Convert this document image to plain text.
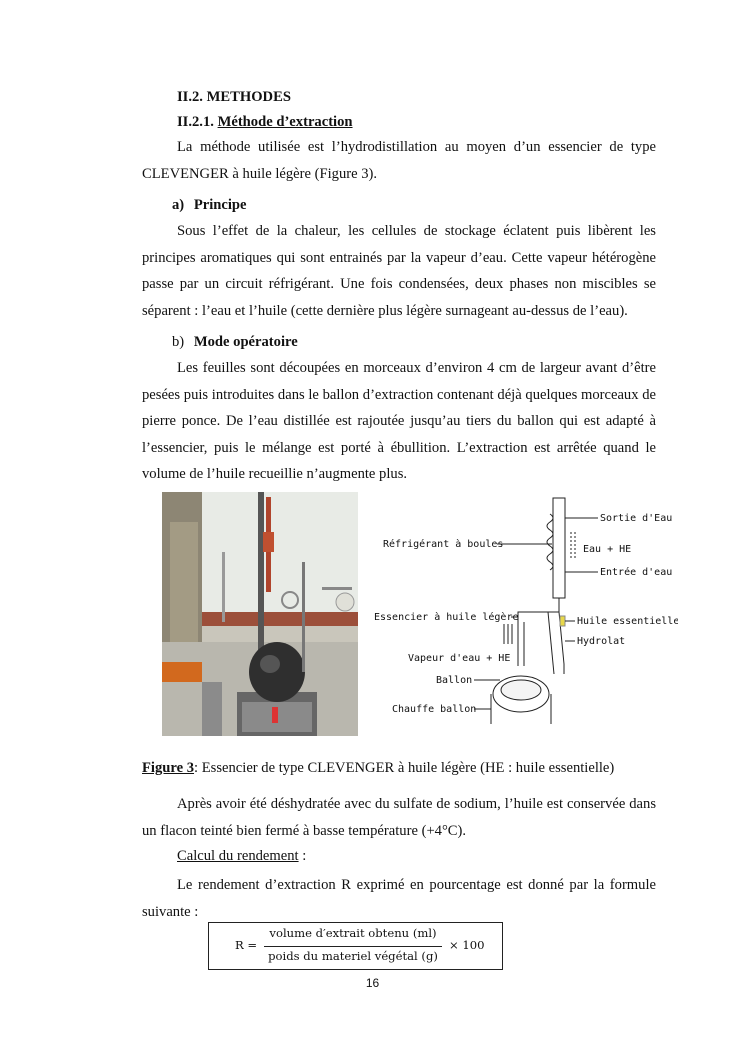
II.2. METHODES
II.2.1. Méthode d’extraction
La méthode utilisée est l’hydrodistillation au moyen d’un essencier de type CLEVENGER à huile légère (Figure 3).
a) Principe
Sous l’effet de la chaleur, les cellules de stockage éclatent puis libèrent les principes aromatiques qui sont entrainés par la vapeur d’eau. Cette vapeur hétérogène passe par un circuit réfrigérant. Une fois condensées, deux phases non miscibles se séparent : l’eau et l’huile (cette dernière plus légère surnageant au-dessus de l’eau).
b) Mode opératoire
Les feuilles sont découpées en morceaux d’environ 4 cm de largeur avant d’être pesées puis introduites dans le ballon d’extraction contenant déjà quelques morceaux de pierre ponce. De l’eau distillée est rajoutée jusqu’au tiers du ballon qui est adapté à l’essencier, puis le mélange est porté à ébullition. L’extraction est arrêtée quand le volume de l’huile recueillie n’augmente plus.
Sortie d'Eau
Réfrigérant à boules	Eau + HE
Entrée d'eau
Essencier à huile légère	Huile essentielle
Hydrolat
Vapeur d'eau + HE
Ballon
Chauffe ballon
Figure 3: Essencier de type CLEVENGER à huile légère (HE : huile essentielle)
Après avoir été déshydratée avec du sulfate de sodium, l’huile est conservée dans un flacon teinté bien fermé à basse température (+4°C).
Calcul du rendement :
Le rendement d’extraction R exprimé en pourcentage est donné par la formule suivante :
R =
volume d′extrait obtenu (ml)
poids du materiel végétal (g)
× 100
16
